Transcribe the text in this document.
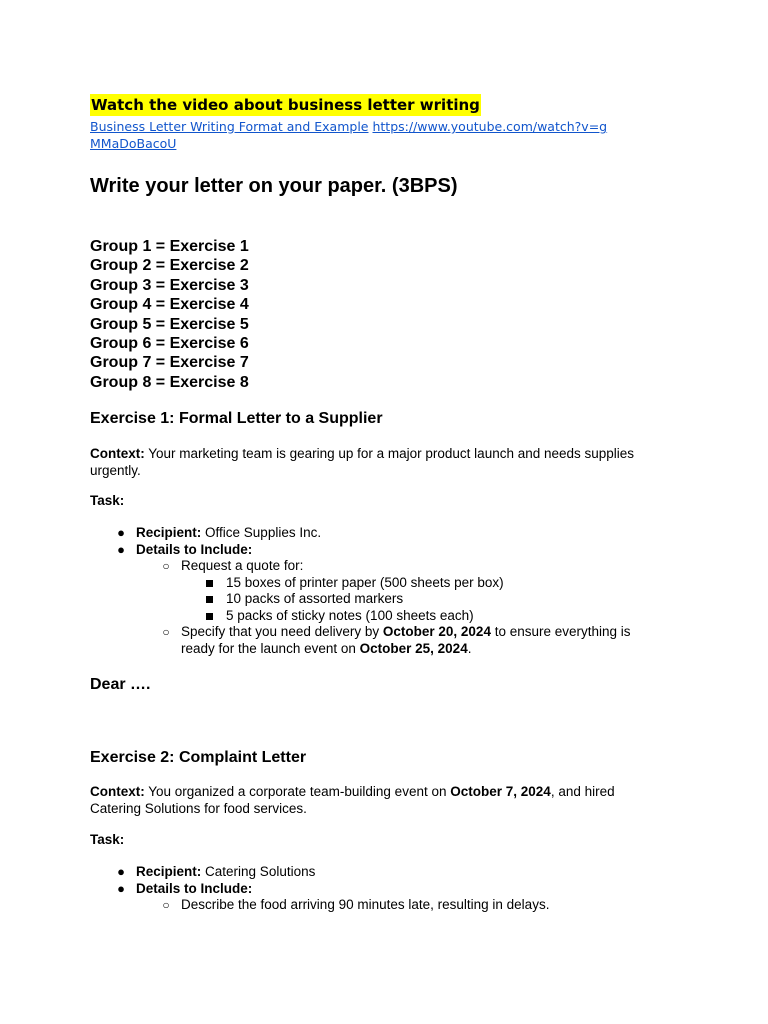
Watch the video about business letter writing
Business Letter Writing Format and Example https://www.youtube.com/watch?v=gMMaDoBacoU
Write your letter on your paper. (3BPS)
Group 1 = Exercise 1
Group 2 = Exercise 2
Group 3 = Exercise 3
Group 4 = Exercise 4
Group 5 = Exercise 5
Group 6 = Exercise 6
Group 7 = Exercise 7
Group 8 = Exercise 8
Exercise 1: Formal Letter to a Supplier
Context: Your marketing team is gearing up for a major product launch and needs supplies urgently.
Task:
● Recipient: Office Supplies Inc.
● Details to Include:
○ Request a quote for:
15 boxes of printer paper (500 sheets per box)
10 packs of assorted markers
5 packs of sticky notes (100 sheets each)
○ Specify that you need delivery by October 20, 2024 to ensure everything is ready for the launch event on October 25, 2024.
Dear ….
Exercise 2: Complaint Letter
Context: You organized a corporate team-building event on October 7, 2024, and hired Catering Solutions for food services.
Task:
● Recipient: Catering Solutions
● Details to Include:
○ Describe the food arriving 90 minutes late, resulting in delays.
